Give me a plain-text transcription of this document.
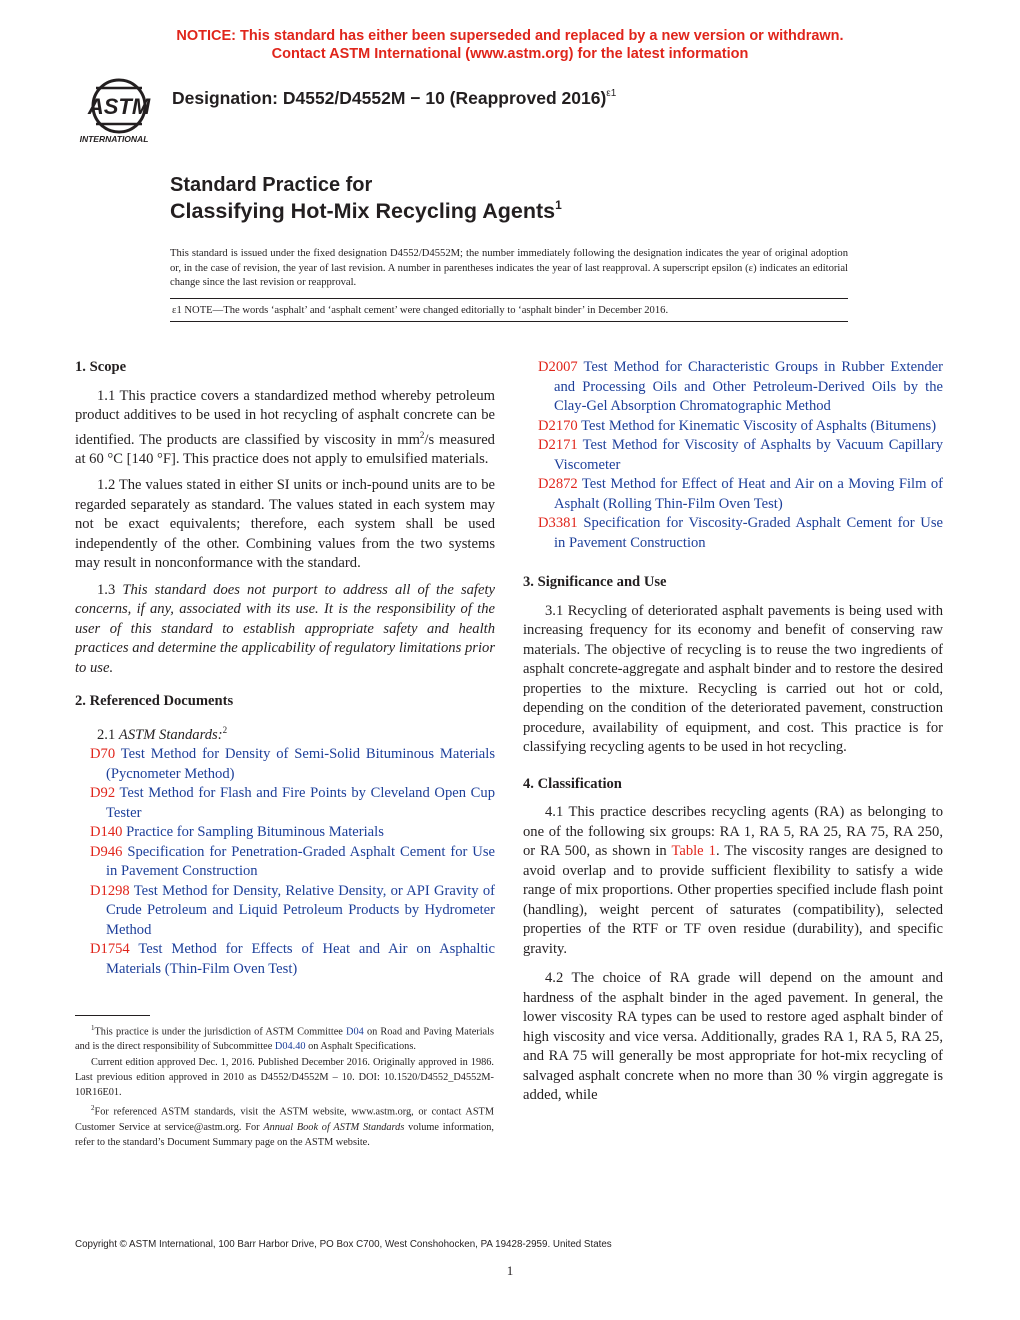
NOTICE: This standard has either been superseded and replaced by a new version or withdrawn.
Contact ASTM International (www.astm.org) for the latest information
ASTM
INTERNATIONAL
Designation: D4552/D4552M − 10 (Reapproved 2016)$^{\varepsilon 1}$
Standard Practice for
Classifying Hot-Mix Recycling Agents$^1$
This standard is issued under the fixed designation D4552/D4552M; the number immediately following the designation indicates the year of original adoption or, in the case of revision, the year of last revision. A number in parentheses indicates the year of last reapproval. A superscript epsilon (ε) indicates an editorial change since the last revision or reapproval.
ε1 NOTE—The words ‘asphalt’ and ‘asphalt cement’ were changed editorially to ‘asphalt binder’ in December 2016.
1. Scope

1.1 This practice covers a standardized method whereby petroleum product additives to be used in hot recycling of asphalt concrete can be identified. The products are classified by viscosity in $mm^2/s$ measured at 60 °C [140 °F]. This practice does not apply to emulsified materials.

1.2 The values stated in either SI units or inch-pound units are to be regarded separately as standard. The values stated in each system may not be exact equivalents; therefore, each system shall be used independently of the other. Combining values from the two systems may result in nonconformance with the standard.

1.3 This standard does not purport to address all of the safety concerns, if any, associated with its use. It is the responsibility of the user of this standard to establish appropriate safety and health practices and determine the applicability of regulatory limitations prior to use.

2. Referenced Documents

2.1 ASTM Standards:$^2$

D70 Test Method for Density of Semi-Solid Bituminous Materials (Pycnometer Method)

D92 Test Method for Flash and Fire Points by Cleveland Open Cup Tester

D140 Practice for Sampling Bituminous Materials

D946 Specification for Penetration-Graded Asphalt Cement for Use in Pavement Construction

D1298 Test Method for Density, Relative Density, or API Gravity of Crude Petroleum and Liquid Petroleum Products by Hydrometer Method

D1754 Test Method for Effects of Heat and Air on Asphaltic Materials (Thin-Film Oven Test)

$^1$This practice is under the jurisdiction of ASTM Committee D04 on Road and Paving Materials and is the direct responsibility of Subcommittee D04.40 on Asphalt Specifications.

Current edition approved Dec. 1, 2016. Published December 2016. Originally approved in 1986. Last previous edition approved in 2010 as D4552/D4552M – 10. DOI: 10.1520/D4552_D4552M-10R16E01.

$^2$For referenced ASTM standards, visit the ASTM website, www.astm.org, or contact ASTM Customer Service at service@astm.org. For Annual Book of ASTM Standards volume information, refer to the standard’s Document Summary page on the ASTM website.

D2007 Test Method for Characteristic Groups in Rubber Extender and Processing Oils and Other Petroleum-Derived Oils by the Clay-Gel Absorption Chromatographic Method

D2170 Test Method for Kinematic Viscosity of Asphalts (Bitumens)

D2171 Test Method for Viscosity of Asphalts by Vacuum Capillary Viscometer

D2872 Test Method for Effect of Heat and Air on a Moving Film of Asphalt (Rolling Thin-Film Oven Test)

D3381 Specification for Viscosity-Graded Asphalt Cement for Use in Pavement Construction

3. Significance and Use

3.1 Recycling of deteriorated asphalt pavements is being used with increasing frequency for its economy and benefit of conserving raw materials. The objective of recycling is to reuse the two ingredients of asphalt concrete-aggregate and asphalt binder and to restore the desired properties to the mixture. Recycling is carried out hot or cold, depending on the condition of the deteriorated pavement, construction procedure, availability of equipment, and cost. This practice is for classifying recycling agents to be used in hot recycling.

4. Classification

4.1 This practice describes recycling agents (RA) as belonging to one of the following six groups: RA 1, RA 5, RA 25, RA 75, RA 250, or RA 500, as shown in Table 1. The viscosity ranges are designed to avoid overlap and to provide sufficient flexibility to satisfy a wide range of mix proportions. Other properties specified include flash point (handling), weight percent of saturates (compatibility), selected properties of the RTF or TF oven residue (durability), and specific gravity.

4.2 The choice of RA grade will depend on the amount and hardness of the asphalt binder in the aged pavement. In general, the lower viscosity RA types can be used to restore aged asphalt binder of high viscosity and vice versa. Additionally, grades RA 1, RA 5, RA 25, and RA 75 will generally be most appropriate for hot-mix recycling of salvaged asphalt concrete when no more than 30 % virgin aggregate is added, while

Copyright © ASTM International, 100 Barr Harbor Drive, PO Box C700, West Conshohocken, PA 19428-2959. United States
1
